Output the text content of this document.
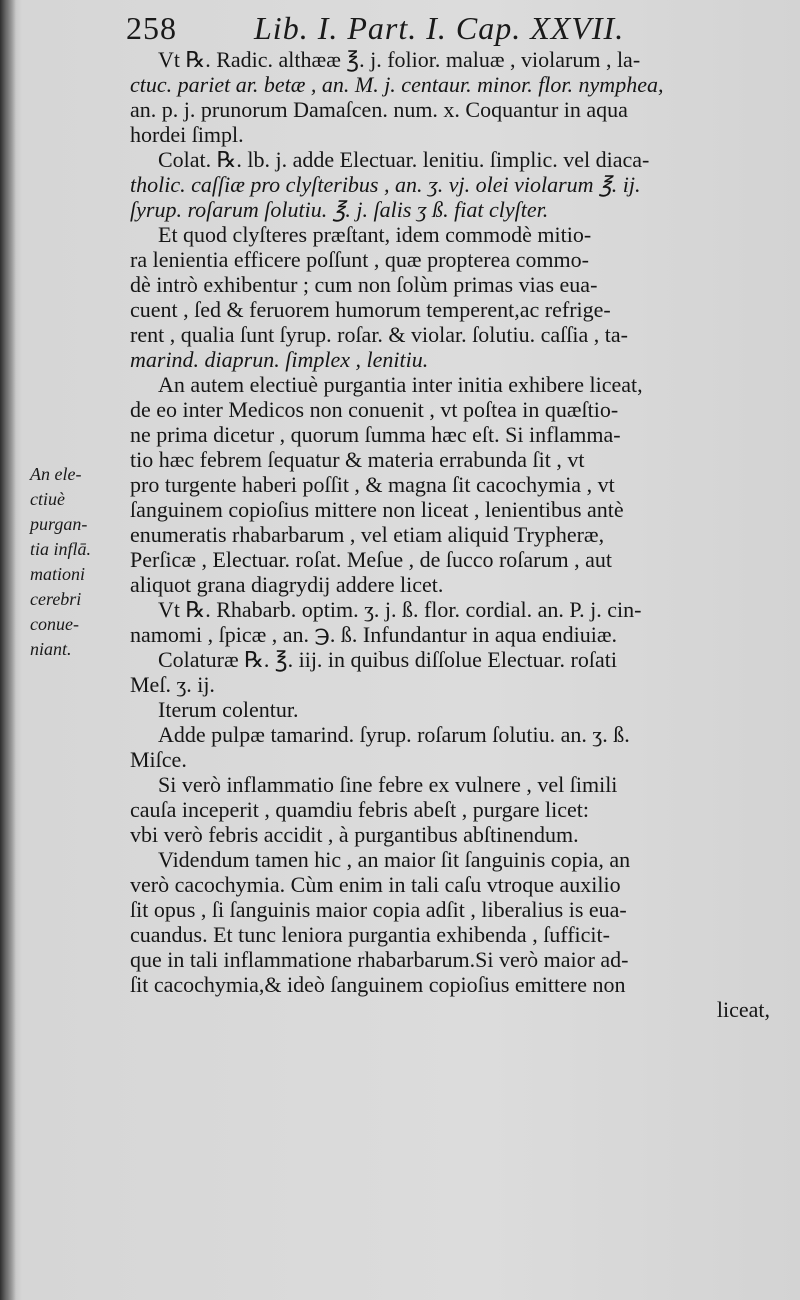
258 Lib. I. Part. I. Cap. XXVII.
An ele-
ctiuè
purgan-
tia inflā.
mationi
cerebri
conue-
niant.
Vt ℞. Radic. althææ ℥. j. folior. maluæ , violarum , la-
ctuc. pariet ar. betæ , an. M. j. centaur. minor. flor. nymphea,
an. p. j. prunorum Damaſcen. num. x. Coquantur in aqua
hordei ſimpl.
Colat. ℞. lb. j. adde Electuar. lenitiu. ſimplic. vel diaca-
tholic. caſſiæ pro clyſteribus , an. ʒ. vj. olei violarum ℥. ij.
ſyrup. roſarum ſolutiu. ℥. j. ſalis ʒ ß. fiat clyſter.
Et quod clyſteres præſtant, idem commodè mitio-
ra lenientia efficere poſſunt , quæ propterea commo-
dè intrò exhibentur ; cum non ſolùm primas vias eua-
cuent , ſed & feruorem humorum temperent,ac refrige-
rent , qualia ſunt ſyrup. roſar. & violar. ſolutiu. caſſia , ta-
marind. diaprun. ſimplex , lenitiu.
An autem electiuè purgantia inter initia exhibere liceat,
de eo inter Medicos non conuenit , vt poſtea in quæſtio-
ne prima dicetur , quorum ſumma hæc eſt. Si inflamma-
tio hæc febrem ſequatur & materia errabunda ſit , vt
pro turgente haberi poſſit , & magna ſit cacochymia , vt
ſanguinem copioſius mittere non liceat , lenientibus antè
enumeratis rhabarbarum , vel etiam aliquid Trypheræ,
Perſicæ , Electuar. roſat. Meſue , de ſucco roſarum , aut
aliquot grana diagrydij addere licet.
Vt ℞. Rhabarb. optim. ʒ. j. ß. flor. cordial. an. P. j. cin-
namomi , ſpicæ , an. ℈. ß. Infundantur in aqua endiuiæ.
Colaturæ ℞. ℥. iij. in quibus diſſolue Electuar. roſati
Meſ. ʒ. ij.
Iterum colentur.
Adde pulpæ tamarind. ſyrup. roſarum ſolutiu. an. ʒ. ß.
Miſce.
Si verò inflammatio ſine febre ex vulnere , vel ſimili
cauſa inceperit , quamdiu febris abeſt , purgare licet:
vbi verò febris accidit , à purgantibus abſtinendum.
Videndum tamen hic , an maior ſit ſanguinis copia, an
verò cacochymia. Cùm enim in tali caſu vtroque auxilio
ſit opus , ſi ſanguinis maior copia adſit , liberalius is eua-
cuandus. Et tunc leniora purgantia exhibenda , ſufficit-
que in tali inflammatione rhabarbarum.Si verò maior ad-
ſit cacochymia,& ideò ſanguinem copioſius emittere non
liceat,
